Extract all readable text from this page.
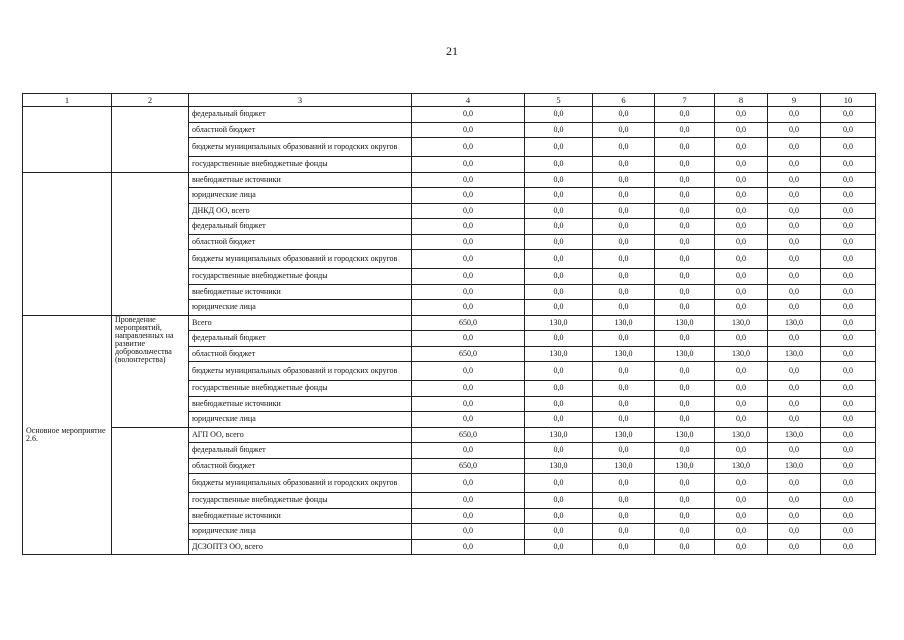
21
1	2	3	4	5	6	7	8	9	10
		федеральный бюджет	0,0	0,0	0,0	0,0	0,0	0,0	0,0
		областной бюджет	0,0	0,0	0,0	0,0	0,0	0,0	0,0
		бюджеты муниципальных образований и городских округов	0,0	0,0	0,0	0,0	0,0	0,0	0,0
		государственные внебюджетные фонды	0,0	0,0	0,0	0,0	0,0	0,0	0,0
		внебюджетные источники	0,0	0,0	0,0	0,0	0,0	0,0	0,0
		юридические лица	0,0	0,0	0,0	0,0	0,0	0,0	0,0
		ДНКД ОО, всего	0,0	0,0	0,0	0,0	0,0	0,0	0,0
		федеральный бюджет	0,0	0,0	0,0	0,0	0,0	0,0	0,0
		областной бюджет	0,0	0,0	0,0	0,0	0,0	0,0	0,0
		бюджеты муниципальных образований и городских округов	0,0	0,0	0,0	0,0	0,0	0,0	0,0
		государственные внебюджетные фонды	0,0	0,0	0,0	0,0	0,0	0,0	0,0
		внебюджетные источники	0,0	0,0	0,0	0,0	0,0	0,0	0,0
		юридические лица	0,0	0,0	0,0	0,0	0,0	0,0	0,0
Основное мероприятие 2.6.	Проведение мероприятий, направленных на развитие добровольчества (волонтерства)	Всего	650,0	130,0	130,0	130,0	130,0	130,0	0,0
		федеральный бюджет	0,0	0,0	0,0	0,0	0,0	0,0	0,0
		областной бюджет	650,0	130,0	130,0	130,0	130,0	130,0	0,0
		бюджеты муниципальных образований и городских округов	0,0	0,0	0,0	0,0	0,0	0,0	0,0
		государственные внебюджетные фонды	0,0	0,0	0,0	0,0	0,0	0,0	0,0
		внебюджетные источники	0,0	0,0	0,0	0,0	0,0	0,0	0,0
		юридические лица	0,0	0,0	0,0	0,0	0,0	0,0	0,0
		АГП ОО, всего	650,0	130,0	130,0	130,0	130,0	130,0	0,0
		федеральный бюджет	0,0	0,0	0,0	0,0	0,0	0,0	0,0
		областной бюджет	650,0	130,0	130,0	130,0	130,0	130,0	0,0
		бюджеты муниципальных образований и городских округов	0,0	0,0	0,0	0,0	0,0	0,0	0,0
		государственные внебюджетные фонды	0,0	0,0	0,0	0,0	0,0	0,0	0,0
		внебюджетные источники	0,0	0,0	0,0	0,0	0,0	0,0	0,0
		юридические лица	0,0	0,0	0,0	0,0	0,0	0,0	0,0
		ДСЗОПТЗ ОО, всего	0,0	0,0	0,0	0,0	0,0	0,0	0,0
